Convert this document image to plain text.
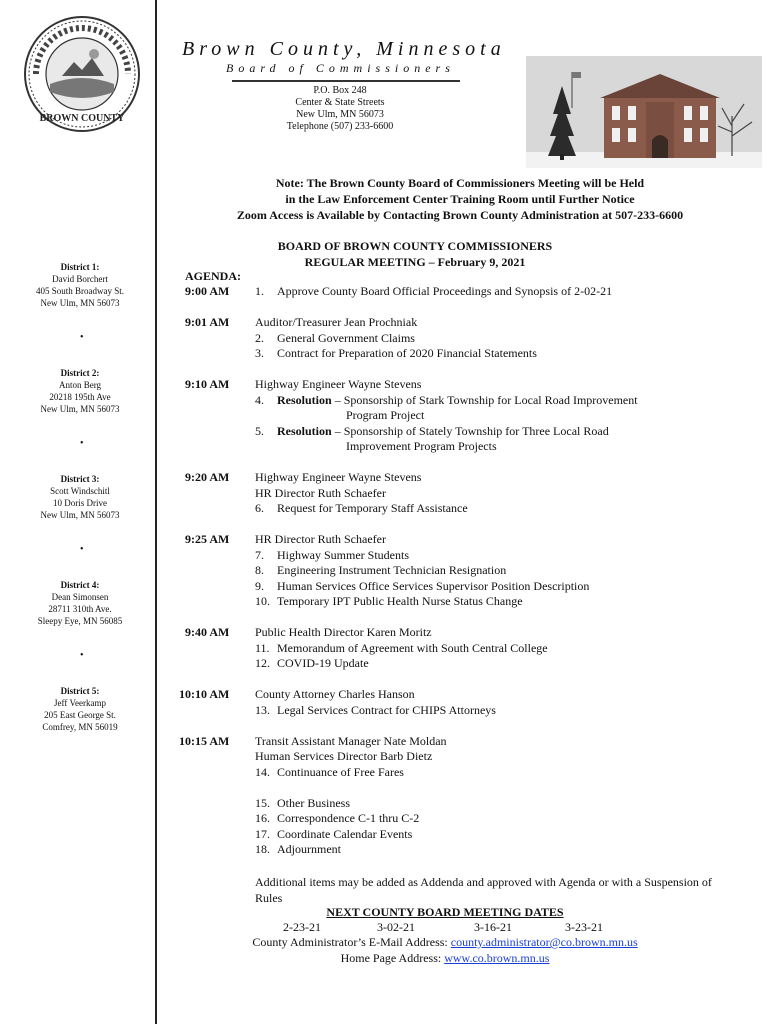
BROWN COUNTY
Brown County, Minnesota
Board of Commissioners
P.O. Box 248
Center & State Streets
New Ulm, MN 56073
Telephone (507) 233-6600
Note: The Brown County Board of Commissioners Meeting will be Held
in the Law Enforcement Center Training Room until Further Notice
Zoom Access is Available by Contacting Brown County Administration at 507-233-6600
BOARD OF BROWN COUNTY COMMISSIONERS
REGULAR MEETING – February 9, 2021
District 1:
David Borchert
405 South Broadway St.
New Ulm, MN 56073
•
District 2:
Anton Berg
20218 195th Ave
New Ulm, MN 56073
•
District 3:
Scott Windschitl
10 Doris Drive
New Ulm, MN 56073
•
District 4:
Dean Simonsen
28711 310th Ave.
Sleepy Eye, MN 56085
•
District 5:
Jeff Veerkamp
205 East George St.
Comfrey, MN 56019
AGENDA:
9:00 AM 1. Approve County Board Official Proceedings and Synopsis of 2-02-21
9:01 AM Auditor/Treasurer Jean Prochniak
2. General Government Claims
3. Contract for Preparation of 2020 Financial Statements
9:10 AM Highway Engineer Wayne Stevens
4. Resolution – Sponsorship of Stark Township for Local Road Improvement
Program Project
5. Resolution – Sponsorship of Stately Township for Three Local Road
Improvement Program Projects
9:20 AM Highway Engineer Wayne Stevens
HR Director Ruth Schaefer
6. Request for Temporary Staff Assistance
9:25 AM HR Director Ruth Schaefer
7. Highway Summer Students
8. Engineering Instrument Technician Resignation
9. Human Services Office Services Supervisor Position Description
10. Temporary IPT Public Health Nurse Status Change
9:40 AM Public Health Director Karen Moritz
11. Memorandum of Agreement with South Central College
12. COVID-19 Update
10:10 AM County Attorney Charles Hanson
13. Legal Services Contract for CHIPS Attorneys
10:15 AM Transit Assistant Manager Nate Moldan
Human Services Director Barb Dietz
14. Continuance of Free Fares
15. Other Business
16. Correspondence C-1 thru C-2
17. Coordinate Calendar Events
18. Adjournment
Additional items may be added as Addenda and approved with Agenda or with a Suspension of Rules
NEXT COUNTY BOARD MEETING DATES
2-23-21	3-02-21	3-16-21	3-23-21
County Administrator’s E-Mail Address: county.administrator@co.brown.mn.us
Home Page Address: www.co.brown.mn.us
